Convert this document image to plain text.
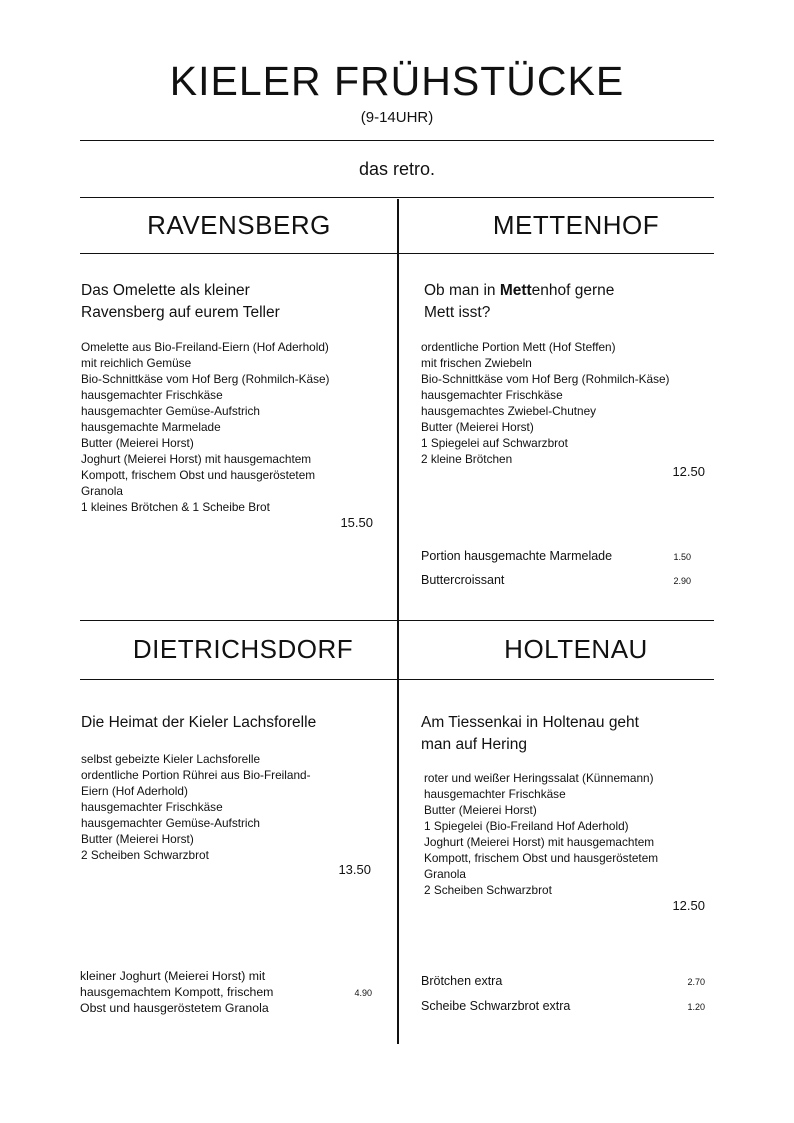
KIELER FRÜHSTÜCKE
(9-14UHR)
das retro.
RAVENSBERG
Das Omelette als kleiner
Ravensberg auf eurem Teller
Omelette aus Bio-Freiland-Eiern (Hof Aderhold)
mit reichlich Gemüse
Bio-Schnittkäse vom Hof Berg (Rohmilch-Käse)
hausgemachter Frischkäse
hausgemachter Gemüse-Aufstrich
hausgemachte Marmelade
Butter (Meierei Horst)
Joghurt (Meierei Horst) mit hausgemachtem
Kompott, frischem Obst und hausgeröstetem
Granola
1 kleines Brötchen & 1 Scheibe Brot
15.50
METTENHOF
Ob man in Mettenhof gerne
Mett isst?
ordentliche Portion Mett (Hof Steffen)
mit frischen Zwiebeln
Bio-Schnittkäse vom Hof Berg (Rohmilch-Käse)
hausgemachter Frischkäse
hausgemachtes Zwiebel-Chutney
Butter (Meierei Horst)
1 Spiegelei auf Schwarzbrot
2 kleine Brötchen
12.50
Portion hausgemachte Marmelade	1.50
Buttercroissant	2.90
DIETRICHSDORF
Die Heimat der Kieler Lachsforelle
selbst gebeizte Kieler Lachsforelle
ordentliche Portion Rührei aus Bio-Freiland-
Eiern (Hof Aderhold)
hausgemachter Frischkäse
hausgemachter Gemüse-Aufstrich
Butter (Meierei Horst)
2 Scheiben Schwarzbrot
13.50
kleiner Joghurt (Meierei Horst) mit
hausgemachtem Kompott, frischem
Obst und hausgeröstetem Granola
4.90
HOLTENAU
Am Tiessenkai in Holtenau geht
man auf Hering
roter und weißer Heringssalat (Künnemann)
hausgemachter Frischkäse
Butter (Meierei Horst)
1 Spiegelei (Bio-Freiland Hof Aderhold)
Joghurt (Meierei Horst) mit hausgemachtem
Kompott, frischem Obst und hausgeröstetem
Granola
2 Scheiben Schwarzbrot
12.50
Brötchen extra	2.70
Scheibe Schwarzbrot extra	1.20
